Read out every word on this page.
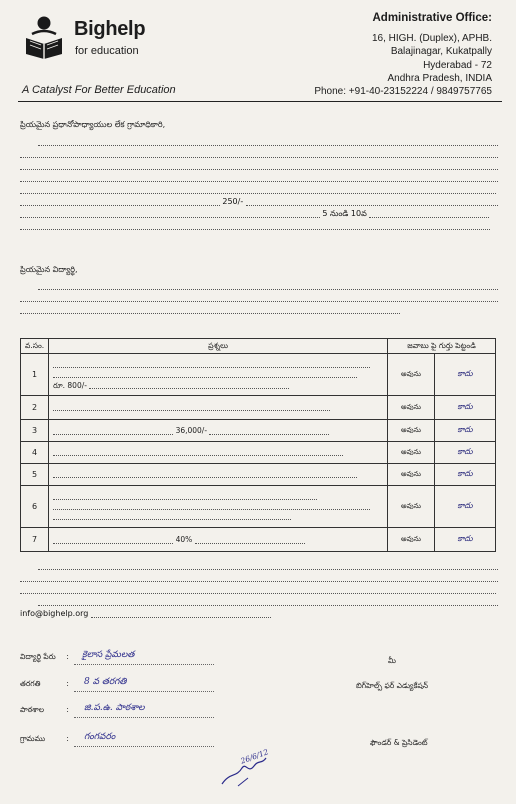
Bighelp
for education
A Catalyst For Better Education
Administrative Office:
16, HIGH. (Duplex), APHB.
Balajinagar, Kukatpally
Hyderabad - 72
Andhra Pradesh, INDIA
Phone: +91-40-23152224 / 9849757765
ప్రియమైన ప్రధానోపాధ్యాయుల లేక గ్రామాధికారి,
250/-
5 నుండి 10వ
ప్రియమైన విద్యార్థి,
వ.సం.	ప్రశ్నలు	జవాబు పై గుర్తు పెట్టండి	
1	రూ. 800/-	అవును	కాదు
2		అవును	కాదు
3	36,000/-	అవును	కాదు
4		అవును	కాదు
5		అవును	కాదు
6		అవును	కాదు
7	40%	అవును	కాదు
info@bighelp.org
విద్యార్థి పేరు : కైలాస ప్రేమలత
మీ
తరగతి	: 8 వ తరగతి	బిగ్‌హెల్ప్ ఫర్ ఎడ్యుకేషన్
పాఠశాల	: జి.ప.ఉ. పాఠశాల
గ్రామము	: గంగవరం
ఫౌండర్ & ప్రెసిడెంట్
26/6/12
